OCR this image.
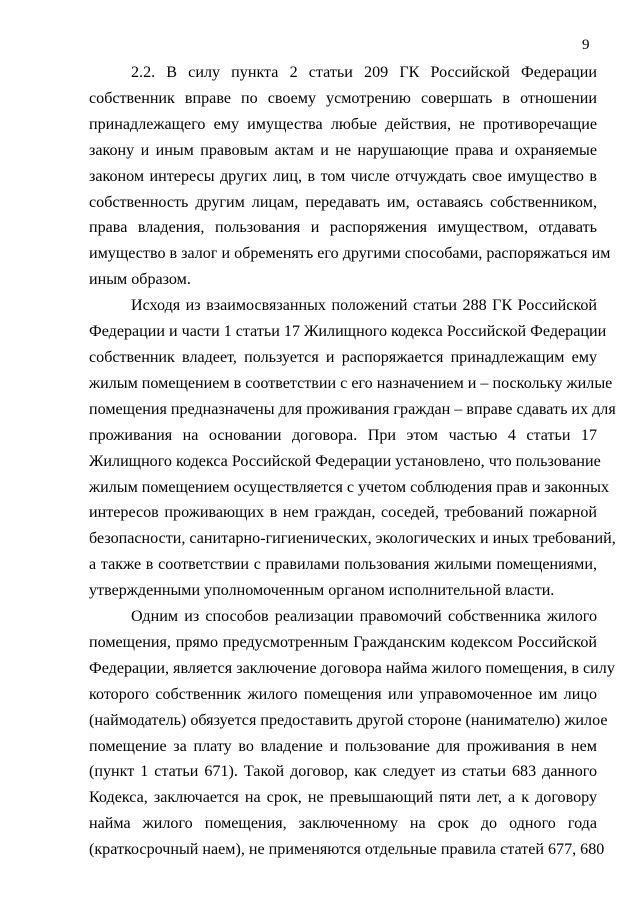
9

2.2. В силу пункта 2 статьи 209 ГК Российской Федерации
собственник вправе по своему усмотрению совершать в отношении
принадлежащего ему имущества любые действия, не противоречащие
закону и иным правовым актам и не нарушающие права и охраняемые
законом интересы других лиц, в том числе отчуждать свое имущество в
собственность другим лицам, передавать им, оставаясь собственником,
права владения, пользования и распоряжения имуществом, отдавать
имущество в залог и обременять его другими способами, распоряжаться им
иным образом.

Исходя из взаимосвязанных положений статьи 288 ГК Российской
Федерации и части 1 статьи 17 Жилищного кодекса Российской Федерации
собственник владеет, пользуется и распоряжается принадлежащим ему
жилым помещением в соответствии с его назначением и – поскольку жилые
помещения предназначены для проживания граждан – вправе сдавать их для
проживания на основании договора. При этом частью 4 статьи 17
Жилищного кодекса Российской Федерации установлено, что пользование
жилым помещением осуществляется с учетом соблюдения прав и законных
интересов проживающих в нем граждан, соседей, требований пожарной
безопасности, санитарно-гигиенических, экологических и иных требований,
а также в соответствии с правилами пользования жилыми помещениями,
утвержденными уполномоченным органом исполнительной власти.

Одним из способов реализации правомочий собственника жилого
помещения, прямо предусмотренным Гражданским кодексом Российской
Федерации, является заключение договора найма жилого помещения, в силу
которого собственник жилого помещения или управомоченное им лицо
(наймодатель) обязуется предоставить другой стороне (нанимателю) жилое
помещение за плату во владение и пользование для проживания в нем
(пункт 1 статьи 671). Такой договор, как следует из статьи 683 данного
Кодекса, заключается на срок, не превышающий пяти лет, а к договору
найма жилого помещения, заключенному на срок до одного года
(краткосрочный наем), не применяются отдельные правила статей 677, 680
